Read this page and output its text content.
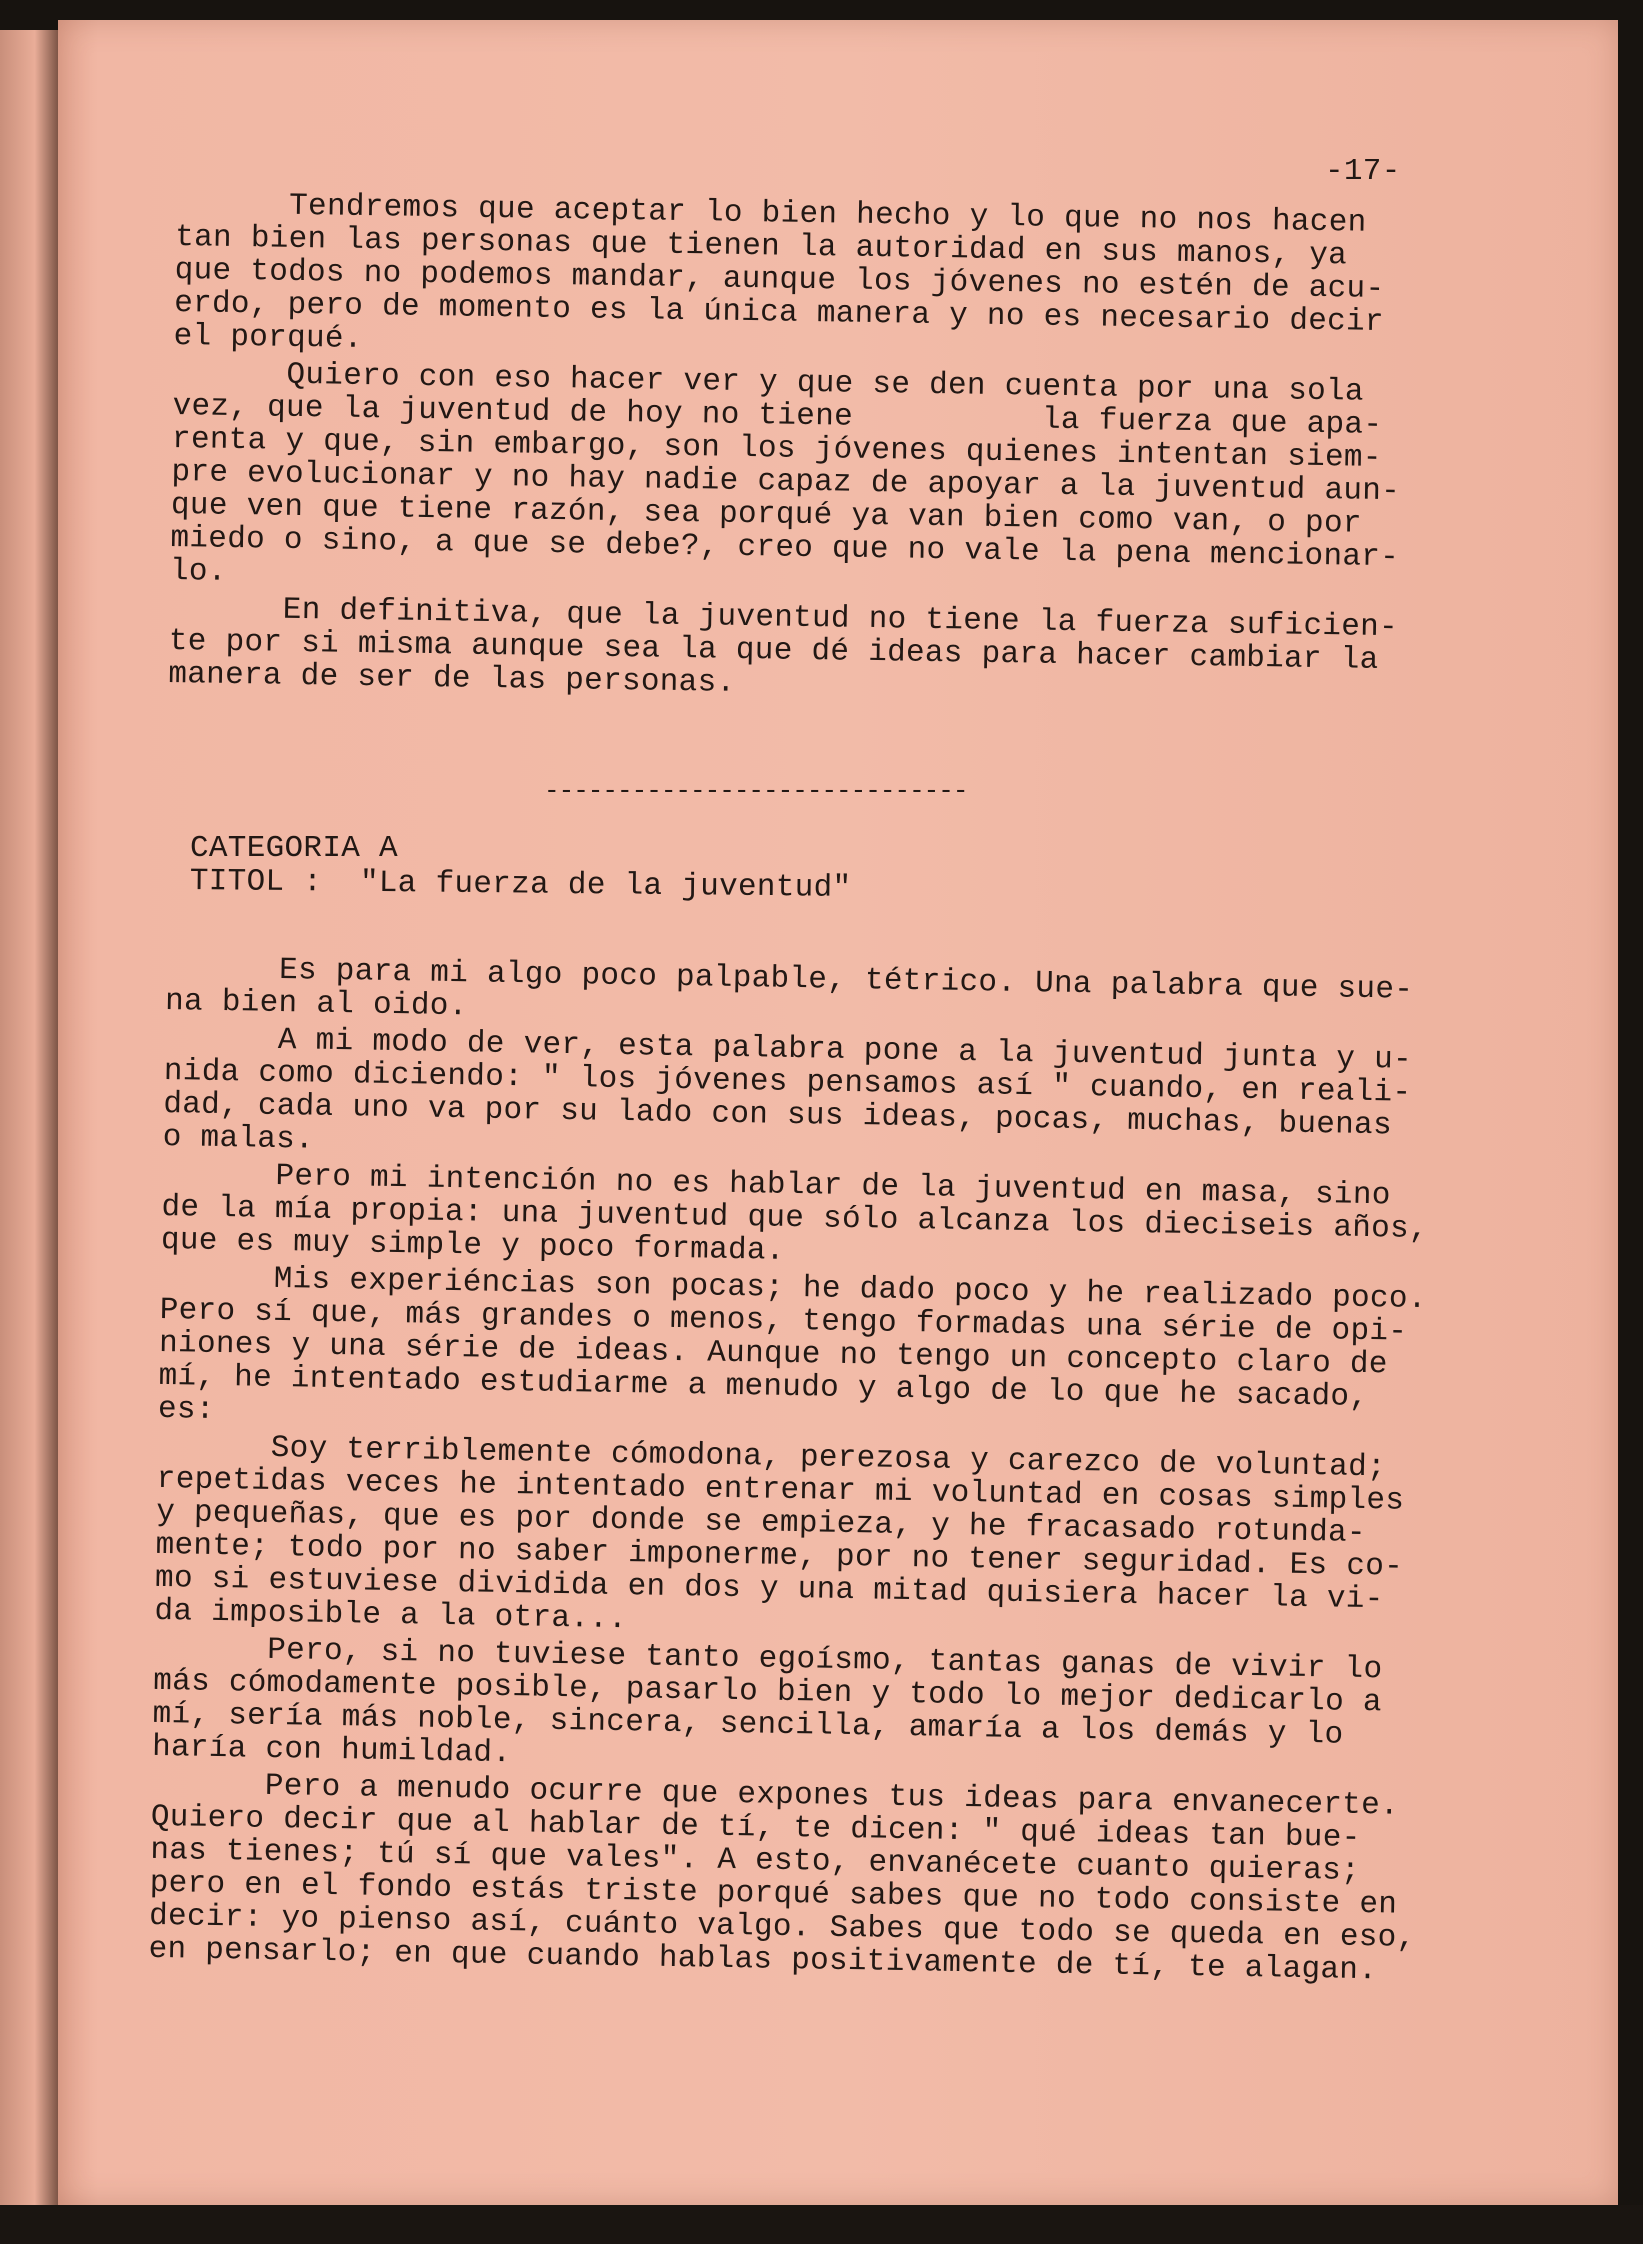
-17-

Tendremos que aceptar lo bien hecho y lo que no nos hacen
tan bien las personas que tienen la autoridad en sus manos, ya
que todos no podemos mandar, aunque los jóvenes no estén de acu-
erdo, pero de momento es la única manera y no es necesario decir
el porqué.

Quiero con eso hacer ver y que se den cuenta por una sola
vez, que la juventud de hoy no tiene          la fuerza que apa-
renta y que, sin embargo, son los jóvenes quienes intentan siem-
pre evolucionar y no hay nadie capaz de apoyar a la juventud aun-
que ven que tiene razón, sea porqué ya van bien como van, o por
miedo o sino, a que se debe?, creo que no vale la pena mencionar-
lo.

En definitiva, que la juventud no tiene la fuerza suficien-
te por si misma aunque sea la que dé ideas para hacer cambiar la
manera de ser de las personas.

-----------------------------
CATEGORIA A
TITOL :  "La fuerza de la juventud"

Es para mi algo poco palpable, tétrico. Una palabra que sue-
na bien al oido.

A mi modo de ver, esta palabra pone a la juventud junta y u-
nida como diciendo: " los jóvenes pensamos así " cuando, en reali-
dad, cada uno va por su lado con sus ideas, pocas, muchas, buenas
o malas.

Pero mi intención no es hablar de la juventud en masa, sino
de la mía propia: una juventud que sólo alcanza los dieciseis años,
que es muy simple y poco formada.

Mis experiéncias son pocas; he dado poco y he realizado poco.
Pero sí que, más grandes o menos, tengo formadas una série de opi-
niones y una série de ideas. Aunque no tengo un concepto claro de
mí, he intentado estudiarme a menudo y algo de lo que he sacado,
es:

Soy terriblemente cómodona, perezosa y carezco de voluntad;
repetidas veces he intentado entrenar mi voluntad en cosas simples
y pequeñas, que es por donde se empieza, y he fracasado rotunda-
mente; todo por no saber imponerme, por no tener seguridad. Es co-
mo si estuviese dividida en dos y una mitad quisiera hacer la vi-
da imposible a la otra...

Pero, si no tuviese tanto egoísmo, tantas ganas de vivir lo
más cómodamente posible, pasarlo bien y todo lo mejor dedicarlo a
mí, sería más noble, sincera, sencilla, amaría a los demás y lo
haría con humildad.

Pero a menudo ocurre que expones tus ideas para envanecerte.
Quiero decir que al hablar de tí, te dicen: " qué ideas tan bue-
nas tienes; tú sí que vales". A esto, envanécete cuanto quieras;
pero en el fondo estás triste porqué sabes que no todo consiste en
decir: yo pienso así, cuánto valgo. Sabes que todo se queda en eso,
en pensarlo; en que cuando hablas positivamente de tí, te alagan.
